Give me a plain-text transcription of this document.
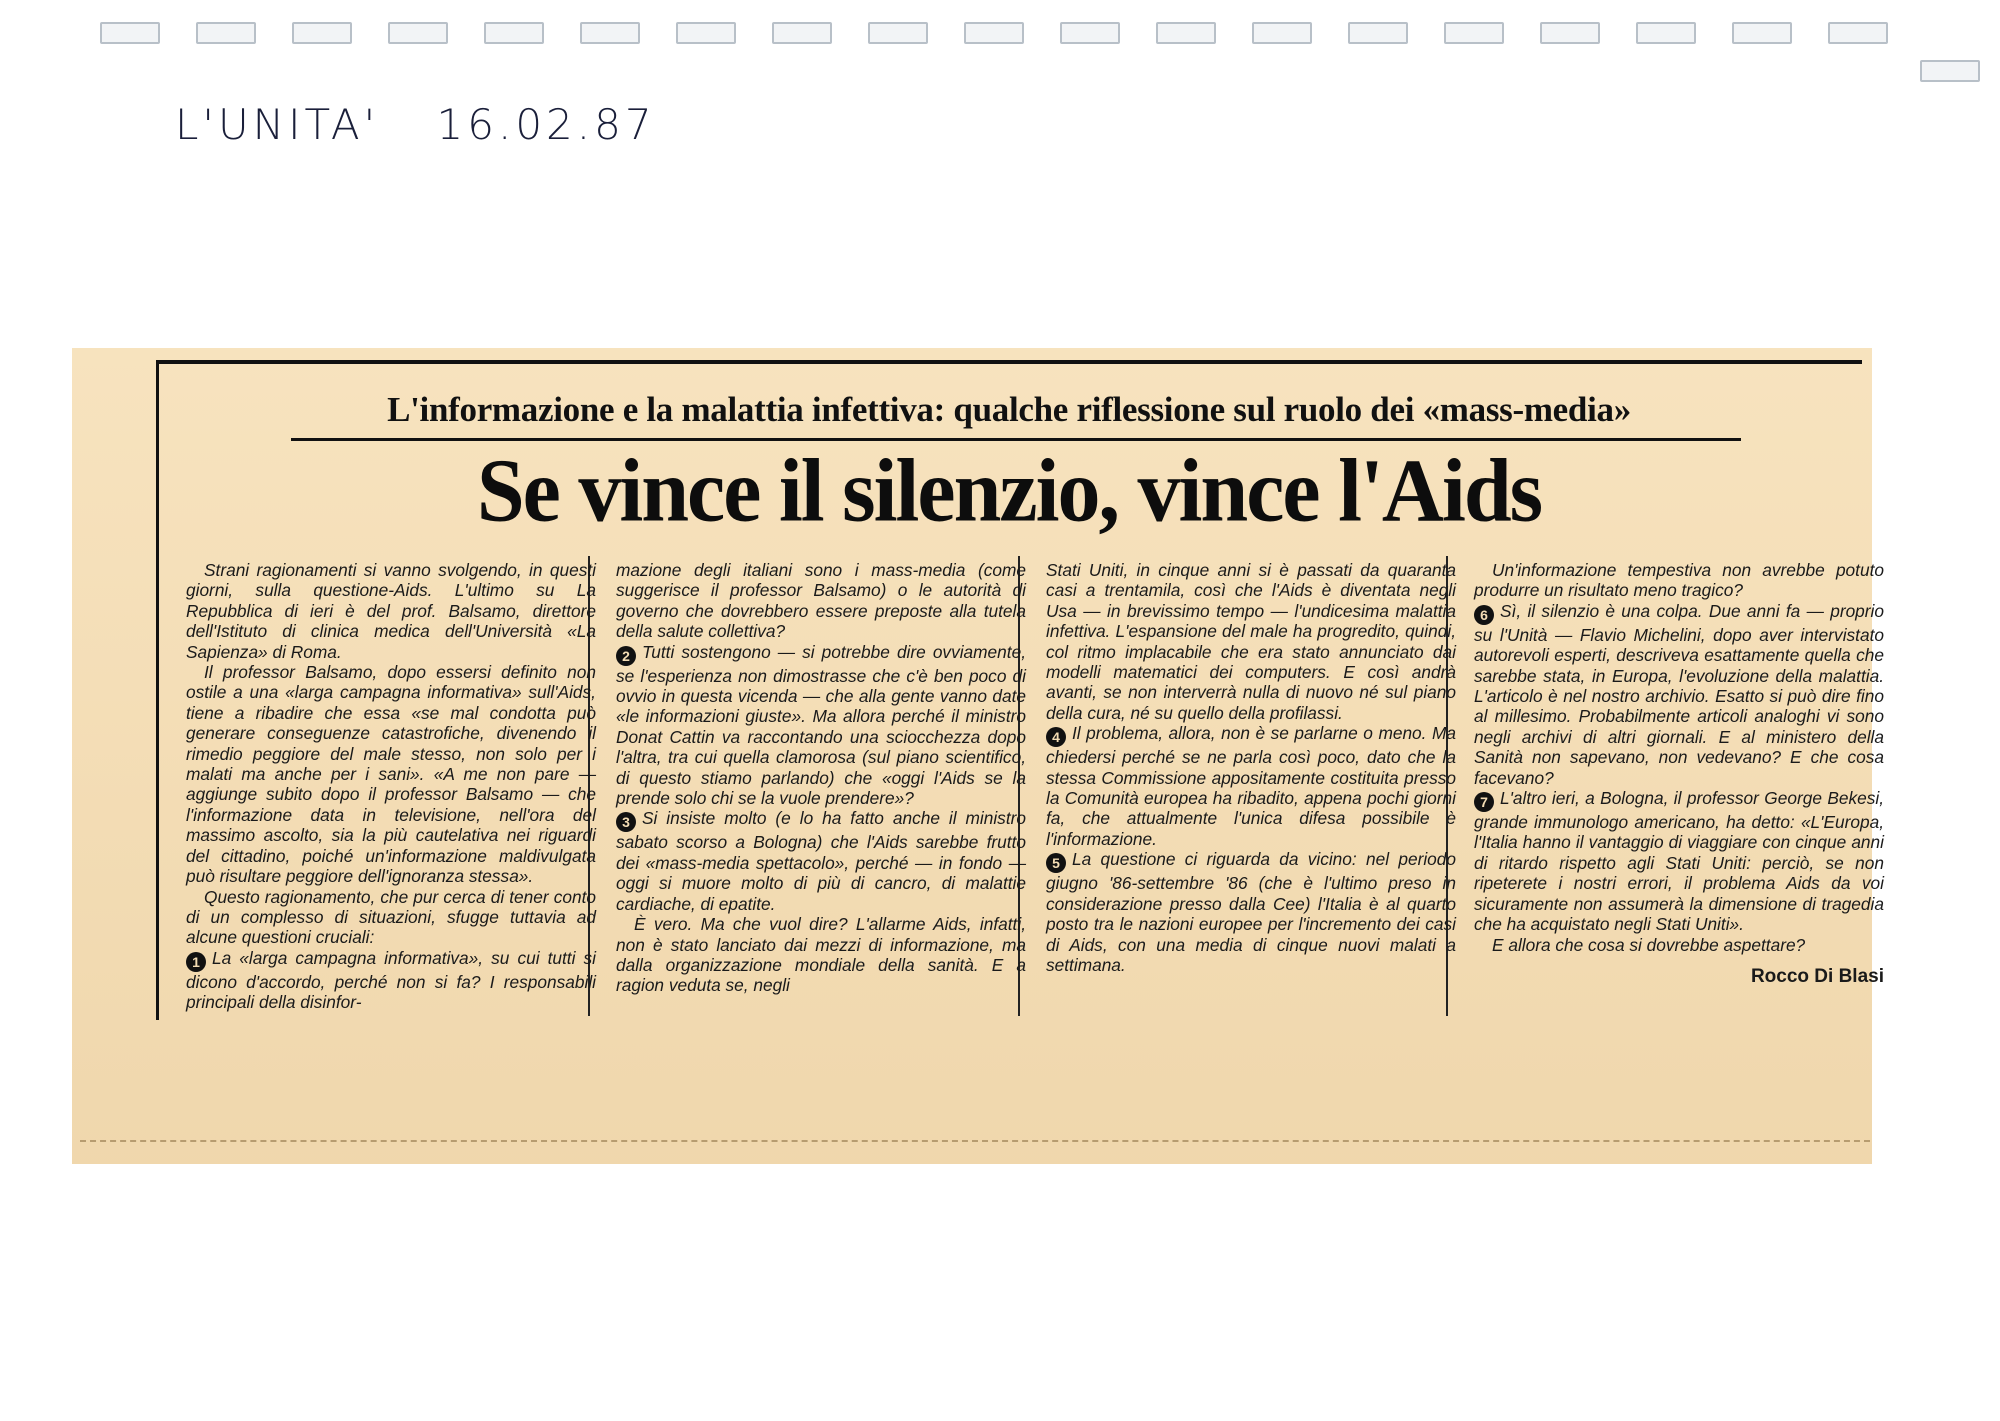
L'UNITA' 16.02.87
L'informazione e la malattia infettiva: qualche riflessione sul ruolo dei «mass-media»
Se vince il silenzio, vince l'Aids

Strani ragionamenti si vanno svolgendo, in questi giorni, sulla questione-Aids. L'ultimo su La Repubblica di ieri è del prof. Balsamo, direttore dell'Istituto di clinica medica dell'Università «La Sapienza» di Roma.

Il professor Balsamo, dopo essersi definito non ostile a una «larga campagna informativa» sull'Aids, tiene a ribadire che essa «se mal condotta può generare conseguenze catastrofiche, divenendo il rimedio peggiore del male stesso, non solo per i malati ma anche per i sani». «A me non pare — aggiunge subito dopo il professor Balsamo — che l'informazione data in televisione, nell'ora del massimo ascolto, sia la più cautelativa nei riguardi del cittadino, poiché un'informazione maldivulgata può risultare peggiore dell'ignoranza stessa».

Questo ragionamento, che pur cerca di tener conto di un complesso di situazioni, sfugge tuttavia ad alcune questioni cruciali:

1 La «larga campagna informativa», su cui tutti si dicono d'accordo, perché non si fa? I responsabili principali della disinfor-

mazione degli italiani sono i mass-media (come suggerisce il professor Balsamo) o le autorità di governo che dovrebbero essere preposte alla tutela della salute collettiva?

2 Tutti sostengono — si potrebbe dire ovviamente, se l'esperienza non dimostrasse che c'è ben poco di ovvio in questa vicenda — che alla gente vanno date «le informazioni giuste». Ma allora perché il ministro Donat Cattin va raccontando una sciocchezza dopo l'altra, tra cui quella clamorosa (sul piano scientifico, di questo stiamo parlando) che «oggi l'Aids se la prende solo chi se la vuole prendere»?

3 Si insiste molto (e lo ha fatto anche il ministro sabato scorso a Bologna) che l'Aids sarebbe frutto dei «mass-media spettacolo», perché — in fondo — oggi si muore molto di più di cancro, di malattie cardiache, di epatite.

È vero. Ma che vuol dire? L'allarme Aids, infatti, non è stato lanciato dai mezzi di informazione, ma dalla organizzazione mondiale della sanità. E a ragion veduta se, negli

Stati Uniti, in cinque anni si è passati da quaranta casi a trentamila, così che l'Aids è diventata negli Usa — in brevissimo tempo — l'undicesima malattia infettiva. L'espansione del male ha progredito, quindi, col ritmo implacabile che era stato annunciato dai modelli matematici dei computers. E così andrà avanti, se non interverrà nulla di nuovo né sul piano della cura, né su quello della profilassi.

4 Il problema, allora, non è se parlarne o meno. Ma chiedersi perché se ne parla così poco, dato che la stessa Commissione appositamente costituita presso la Comunità europea ha ribadito, appena pochi giorni fa, che attualmente l'unica difesa possibile è l'informazione.

5 La questione ci riguarda da vicino: nel periodo giugno '86-settembre '86 (che è l'ultimo preso in considerazione presso dalla Cee) l'Italia è al quarto posto tra le nazioni europee per l'incremento dei casi di Aids, con una media di cinque nuovi malati a settimana.

Un'informazione tempestiva non avrebbe potuto produrre un risultato meno tragico?

6 Sì, il silenzio è una colpa. Due anni fa — proprio su l'Unità — Flavio Michelini, dopo aver intervistato autorevoli esperti, descriveva esattamente quella che sarebbe stata, in Europa, l'evoluzione della malattia. L'articolo è nel nostro archivio. Esatto si può dire fino al millesimo. Probabilmente articoli analoghi vi sono negli archivi di altri giornali. E al ministero della Sanità non sapevano, non vedevano? E che cosa facevano?

7 L'altro ieri, a Bologna, il professor George Bekesi, grande immunologo americano, ha detto: «L'Europa, l'Italia hanno il vantaggio di viaggiare con cinque anni di ritardo rispetto agli Stati Uniti: perciò, se non ripeterete i nostri errori, il problema Aids da voi sicuramente non assumerà la dimensione di tragedia che ha acquistato negli Stati Uniti».

E allora che cosa si dovrebbe aspettare?

Rocco Di Blasi
